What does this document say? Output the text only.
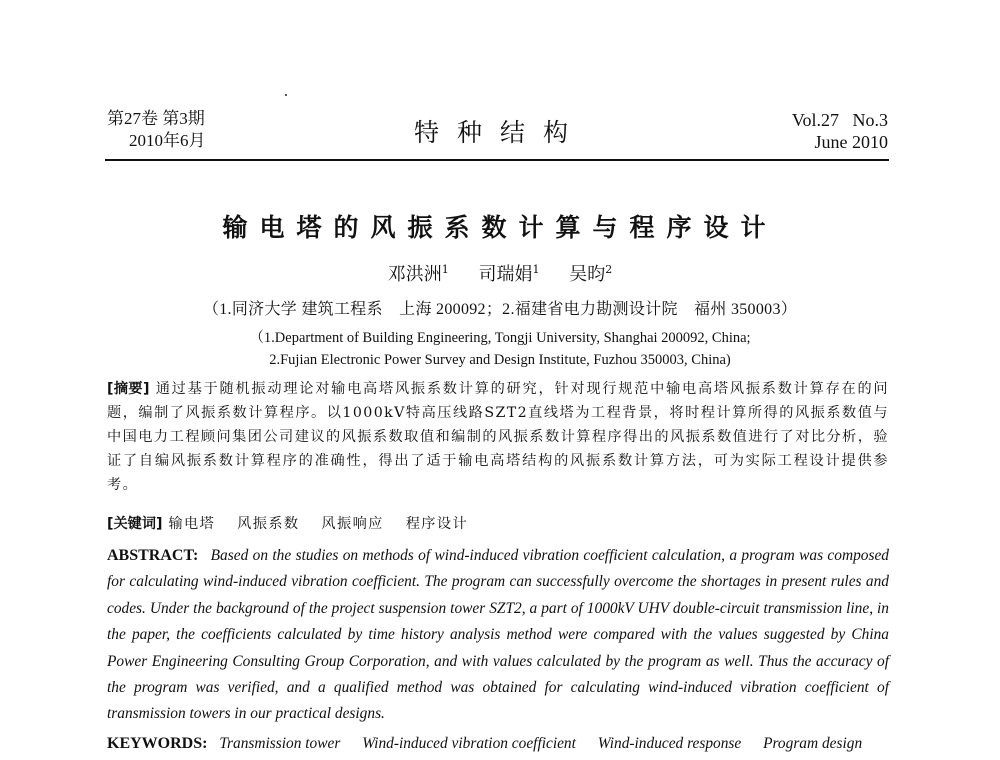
第27卷 第3期
2010年6月	特种结构	Vol.27   No.3
June 2010
输电塔的风振系数计算与程序设计
邓洪洲$^1$ 司瑞娟$^1$ 吴昀$^2$
（1.同济大学 建筑工程系　上海 200092；2.福建省电力勘测设计院　福州 350003）
（1.Department of Building Engineering, Tongji University, Shanghai 200092, China;
2.Fujian Electronic Power Survey and Design Institute, Fuzhou 350003, China)
[摘要] 通过基于随机振动理论对输电高塔风振系数计算的研究，针对现行规范中输电高塔风振系数计算存在的问题，编制了风振系数计算程序。以1000kV特高压线路SZT2直线塔为工程背景，将时程计算所得的风振系数值与中国电力工程顾问集团公司建议的风振系数取值和编制的风振系数计算程序得出的风振系数值进行了对比分析，验证了自编风振系数计算程序的准确性，得出了适于输电高塔结构的风振系数计算方法，可为实际工程设计提供参考。
[关键词] 输电塔 风振系数 风振响应 程序设计
ABSTRACT: Based on the studies on methods of wind-induced vibration coefficient calculation, a program was composed for calculating wind-induced vibration coefficient. The program can successfully overcome the shortages in present rules and codes. Under the background of the project suspension tower SZT2, a part of 1000kV UHV double-circuit transmission line, in the paper, the coefficients calculated by time history analysis method were compared with the values suggested by China Power Engineering Consulting Group Corporation, and with values calculated by the program as well. Thus the accuracy of the program was verified, and a qualified method was obtained for calculating wind-induced vibration coefficient of transmission towers in our practical designs.
KEYWORDS: Transmission tower Wind-induced vibration coefficient Wind-induced response Program design
